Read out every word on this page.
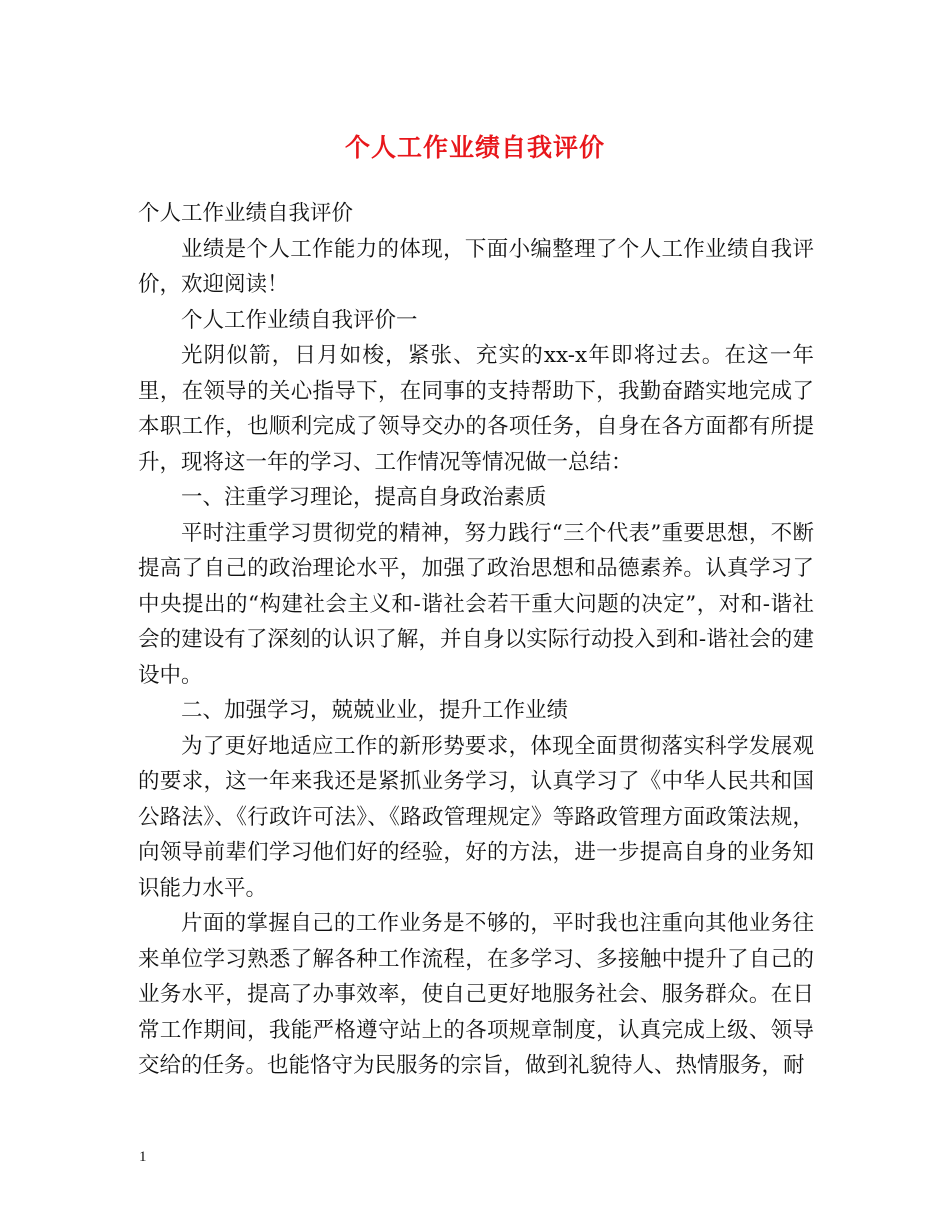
个人工作业绩自我评价

个人工作业绩自我评价

业绩是个人工作能力的体现，下面小编整理了个人工作业绩自我评价，欢迎阅读！

个人工作业绩自我评价一

光阴似箭，日月如梭，紧张、充实的xx-x年即将过去。在这一年里，在领导的关心指导下，在同事的支持帮助下，我勤奋踏实地完成了本职工作，也顺利完成了领导交办的各项任务，自身在各方面都有所提升，现将这一年的学习、工作情况等情况做一总结：

一、注重学习理论，提高自身政治素质

平时注重学习贯彻党的精神，努力践行“三个代表”重要思想，不断提高了自己的政治理论水平，加强了政治思想和品德素养。认真学习了中央提出的“构建社会主义和-谐社会若干重大问题的决定”，对和-谐社会的建设有了深刻的认识了解，并自身以实际行动投入到和-谐社会的建设中。

二、加强学习，兢兢业业，提升工作业绩

为了更好地适应工作的新形势要求，体现全面贯彻落实科学发展观的要求，这一年来我还是紧抓业务学习，认真学习了《中华人民共和国公路法》、《行政许可法》、《路政管理规定》等路政管理方面政策法规，向领导前辈们学习他们好的经验，好的方法，进一步提高自身的业务知识能力水平。

片面的掌握自己的工作业务是不够的，平时我也注重向其他业务往来单位学习熟悉了解各种工作流程，在多学习、多接触中提升了自己的业务水平，提高了办事效率，使自己更好地服务社会、服务群众。在日常工作期间，我能严格遵守站上的各项规章制度，认真完成上级、领导交给的任务。也能恪守为民服务的宗旨，做到礼貌待人、热情服务，耐

1
